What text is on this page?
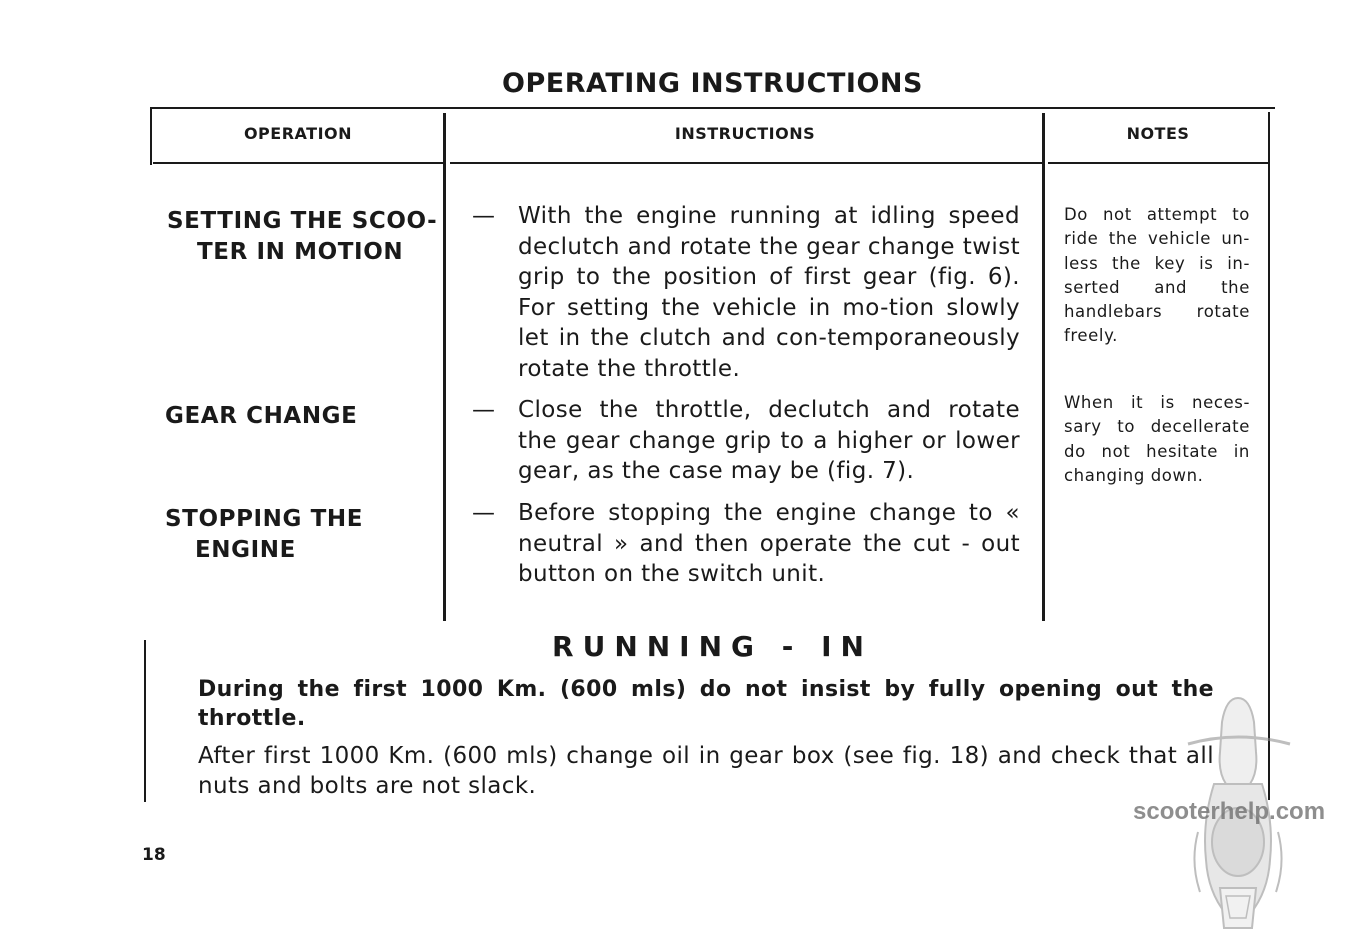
OPERATING INSTRUCTIONS
OPERATION	INSTRUCTIONS	NOTES

SETTING THE SCOO-
TER IN MOTION

GEAR CHANGE

STOPPING THE
ENGINE

— With the engine running at idling speed declutch and rotate the gear change twist grip to the position of first gear (fig. 6). For setting the vehicle in mo-tion slowly let in the clutch and con-temporaneously rotate the throttle.
— Close the throttle, declutch and rotate the gear change grip to a higher or lower gear, as the case may be (fig. 7).
— Before stopping the engine change to « neutral » and then operate the cut - out button on the switch unit.
Do not attempt to ride the vehicle un-less the key is in-serted and the handlebars rotate freely.
When it is neces-sary to decellerate do not hesitate in changing down.
RUNNING - IN

During the first 1000 Km. (600 mls) do not insist by fully opening out the throttle.

After first 1000 Km. (600 mls) change oil in gear box (see fig. 18) and check that all nuts and bolts are not slack.

18
scooterhelp.com
